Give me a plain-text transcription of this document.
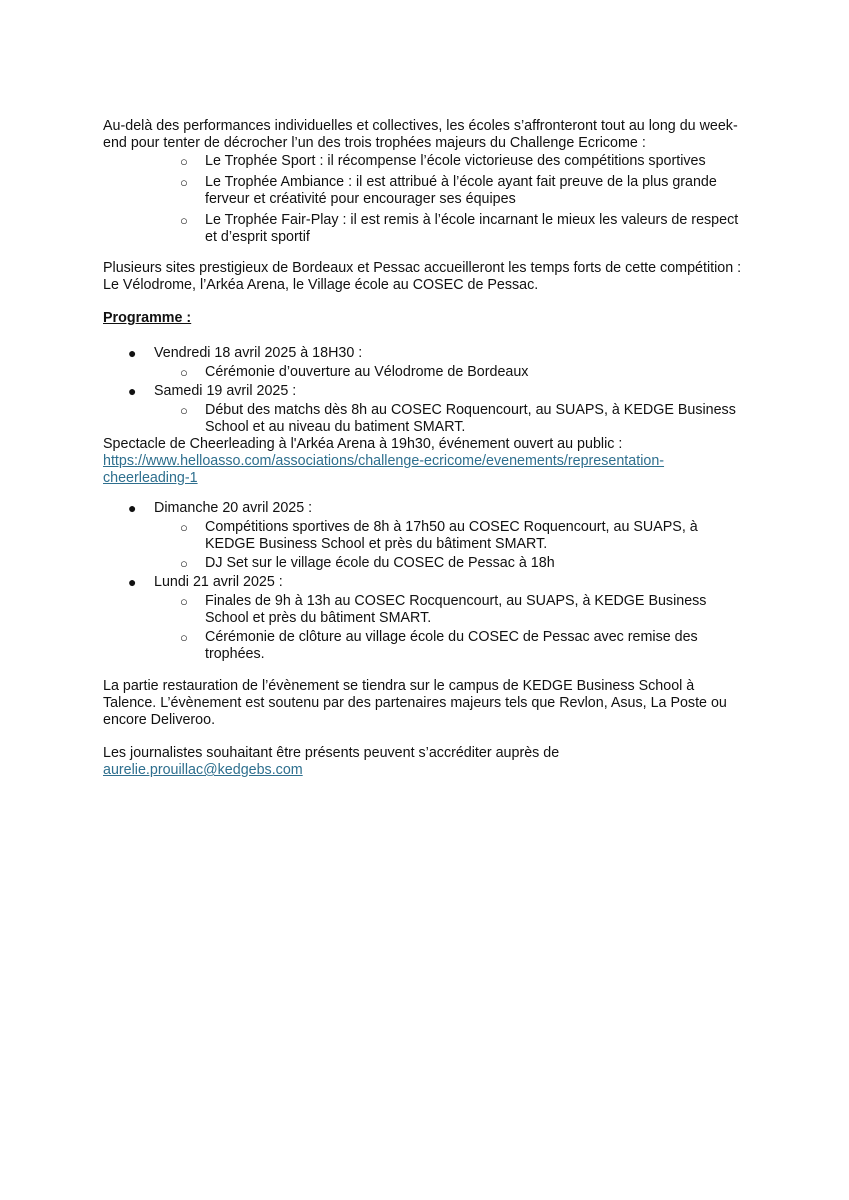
Au-delà des performances individuelles et collectives, les écoles s’affronteront tout au long du week-end pour tenter de décrocher l’un des trois trophées majeurs du Challenge Ecricome :

○ Le Trophée Sport : il récompense l’école victorieuse des compétitions sportives
○ Le Trophée Ambiance : il est attribué à l’école ayant fait preuve de la plus grande ferveur et créativité pour encourager ses équipes
○ Le Trophée Fair-Play : il est remis à l’école incarnant le mieux les valeurs de respect et d’esprit sportif

Plusieurs sites prestigieux de Bordeaux et Pessac accueilleront les temps forts de cette compétition : Le Vélodrome, l’Arkéa Arena, le Village école au COSEC de Pessac.

Programme :

● Vendredi 18 avril 2025 à 18H30 :
○ Cérémonie d’ouverture au Vélodrome de Bordeaux
● Samedi 19 avril 2025 :
○ Début des matchs dès 8h au COSEC Roquencourt, au SUAPS, à KEDGE Business School et au niveau du batiment SMART.

Spectacle de Cheerleading à l'Arkéa Arena à 19h30, événement ouvert au public :

https://www.helloasso.com/associations/challenge-ecricome/evenements/representation-cheerleading-1

● Dimanche 20 avril 2025 :
○ Compétitions sportives de 8h à 17h50 au COSEC Roquencourt, au SUAPS, à KEDGE Business School et près du bâtiment SMART.
○ DJ Set sur le village école du COSEC de Pessac à 18h
● Lundi 21 avril 2025 :
○ Finales de 9h à 13h au COSEC Rocquencourt, au SUAPS, à KEDGE Business School et près du bâtiment SMART.
○ Cérémonie de clôture au village école du COSEC de Pessac avec remise des trophées.

La partie restauration de l’évènement se tiendra sur le campus de KEDGE Business School à Talence. L’évènement est soutenu par des partenaires majeurs tels que Revlon, Asus, La Poste ou encore Deliveroo.

Les journalistes souhaitant être présents peuvent s’accréditer auprès de

aurelie.prouillac@kedgebs.com
